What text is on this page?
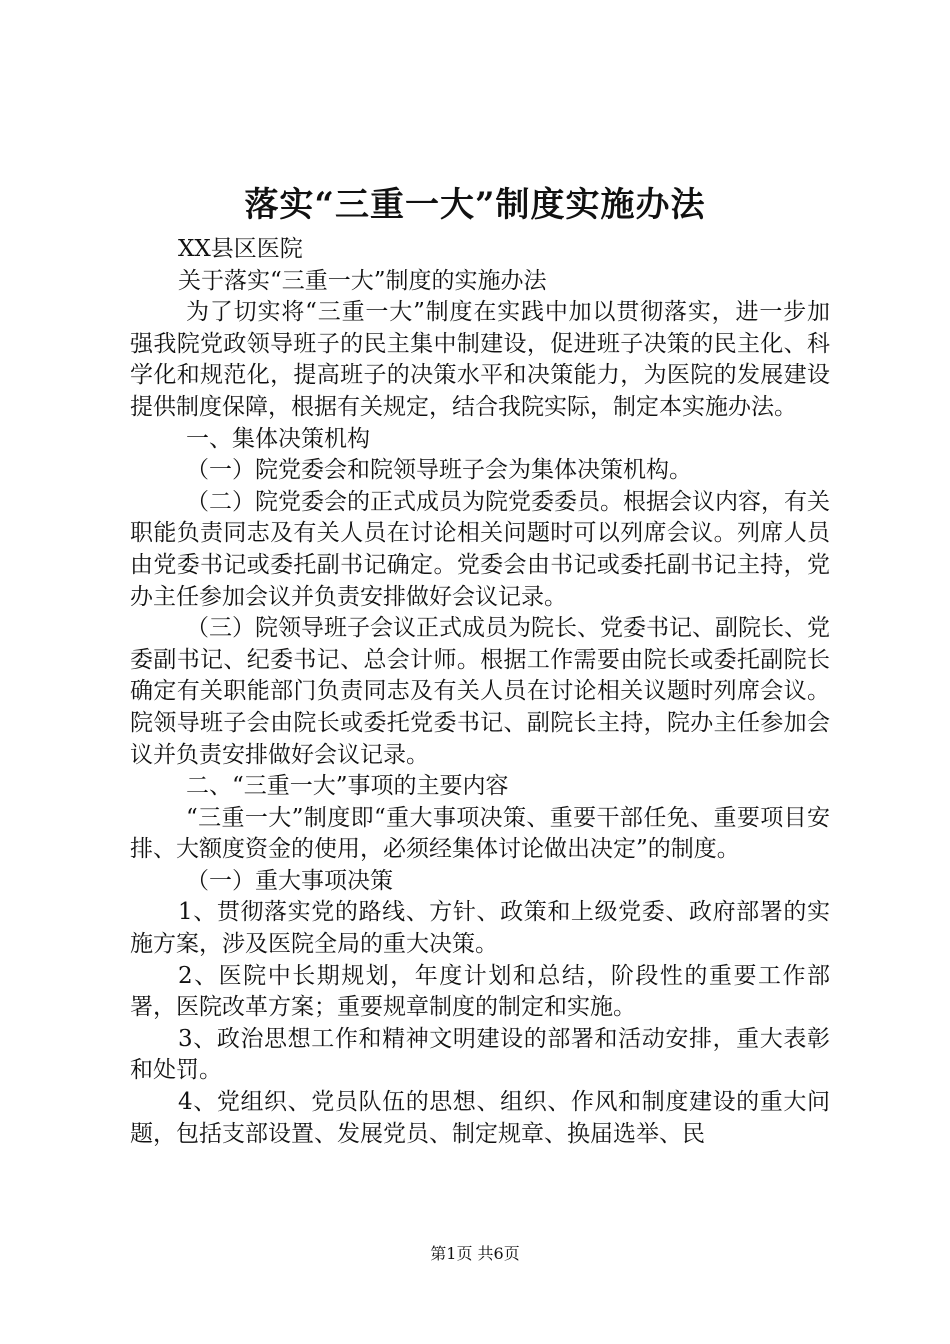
落实“三重一大”制度实施办法

XX县区医院

关于落实“三重一大”制度的实施办法

为了切实将“三重一大”制度在实践中加以贯彻落实，进一步加强我院党政领导班子的民主集中制建设，促进班子决策的民主化、科学化和规范化，提高班子的决策水平和决策能力，为医院的发展建设提供制度保障，根据有关规定，结合我院实际，制定本实施办法。

一、集体决策机构

（一）院党委会和院领导班子会为集体决策机构。

（二）院党委会的正式成员为院党委委员。根据会议内容，有关职能负责同志及有关人员在讨论相关问题时可以列席会议。列席人员由党委书记或委托副书记确定。党委会由书记或委托副书记主持，党办主任参加会议并负责安排做好会议记录。

（三）院领导班子会议正式成员为院长、党委书记、副院长、党委副书记、纪委书记、总会计师。根据工作需要由院长或委托副院长确定有关职能部门负责同志及有关人员在讨论相关议题时列席会议。院领导班子会由院长或委托党委书记、副院长主持，院办主任参加会议并负责安排做好会议记录。

二、“三重一大”事项的主要内容

“三重一大”制度即“重大事项决策、重要干部任免、重要项目安排、大额度资金的使用，必须经集体讨论做出决定”的制度。

（一）重大事项决策

1、贯彻落实党的路线、方针、政策和上级党委、政府部署的实施方案，涉及医院全局的重大决策。

2、医院中长期规划，年度计划和总结，阶段性的重要工作部署，医院改革方案；重要规章制度的制定和实施。

3、政治思想工作和精神文明建设的部署和活动安排，重大表彰和处罚。

4、党组织、党员队伍的思想、组织、作风和制度建设的重大问题，包括支部设置、发展党员、制定规章、换届选举、民

第1页 共6页
